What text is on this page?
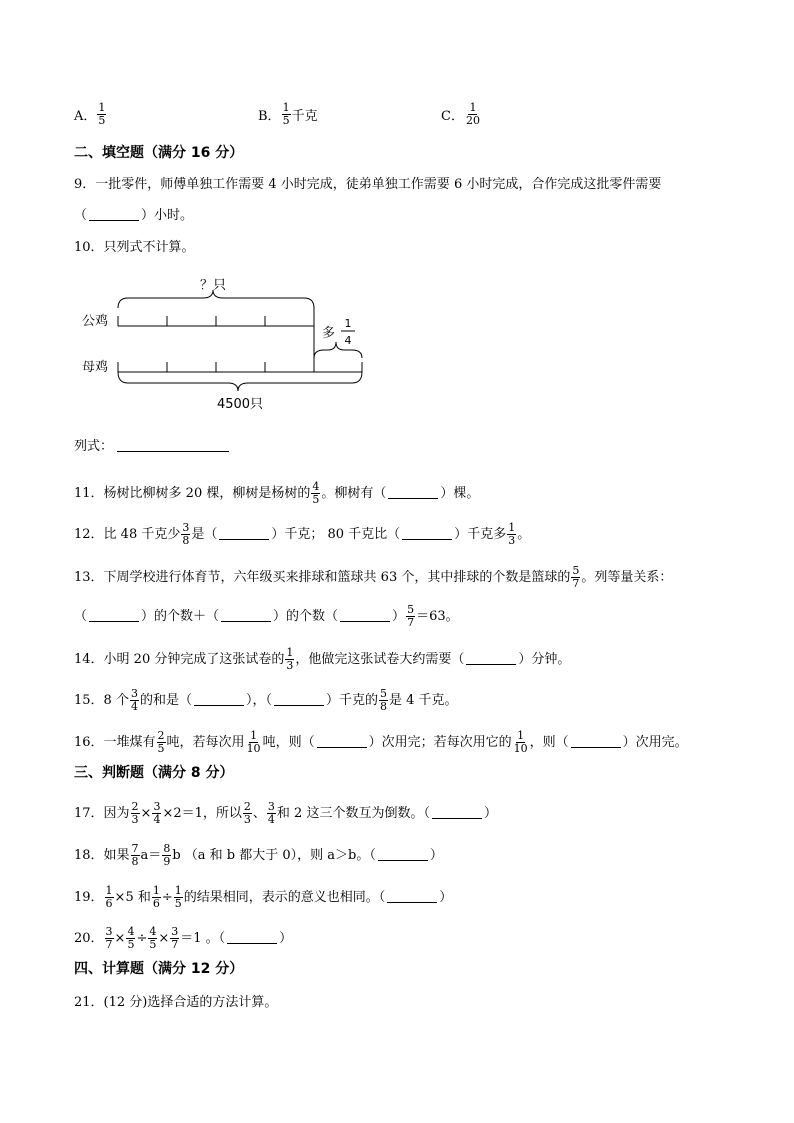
A． $\frac{1}{5}$	B． $\frac{1}{5}$ 千克	C． $\frac{1}{20}$
二、填空题（满分 16 分）
9．一批零件，师傅单独工作需要 4 小时完成，徒弟单独工作需要 6 小时完成，合作完成这批零件需要
（	）小时。
10．只列式不计算。
？只
公鸡
多
1
4
母鸡
4500只
列式：
11．杨树比柳树多 20 棵，柳树是杨树的 $\frac{4}{5}$ 。柳树有（	）棵。
12．比 48 千克少 $\frac{3}{8}$ 是（	）千克； 80 千克比（	）千克多 $\frac{1}{3}$ 。
13．下周学校进行体育节，六年级买来排球和篮球共 63 个，其中排球的个数是篮球的 $\frac{5}{7}$ 。列等量关系：
（	）的个数＋（	）的个数（	） $\frac{5}{7} =63$。
14．小明 20 分钟完成了这张试卷的 $\frac{1}{3}$ ，他做完这张试卷大约需要（	）分钟。
15．8 个 $\frac{3}{4}$ 的和是（	），（	）千克的 $\frac{5}{8}$ 是 4 千克。
16．一堆煤有 $\frac{2}{5}$ 吨，若每次用 $\frac{1}{10}$ 吨，则（	）次用完；若每次用它的 $\frac{1}{10}$ ，则（	）次用完。
三、判断题（满分 8 分）
17．因为 $\frac{2}{3} \times \frac{3}{4} \times 2=1$，所以 $\frac{2}{3}$ 、 $\frac{3}{4}$ 和 2 这三个数互为倒数。（	）
18．如果 $\frac{7}{8} a= \frac{8}{9}$ b （a 和 b 都大于 0），则 a＞b。（	）
19． $\frac{1}{6} \times 5$ 和 $\frac{1}{6} \div \frac{1}{5}$ 的结果相同，表示的意义也相同。（	）
20． $\frac{3}{7} \times \frac{4}{5} \div \frac{4}{5} \times \frac{3}{7} =1$ 。（	）
四、计算题（满分 12 分）
21．(12 分)选择合适的方法计算。
